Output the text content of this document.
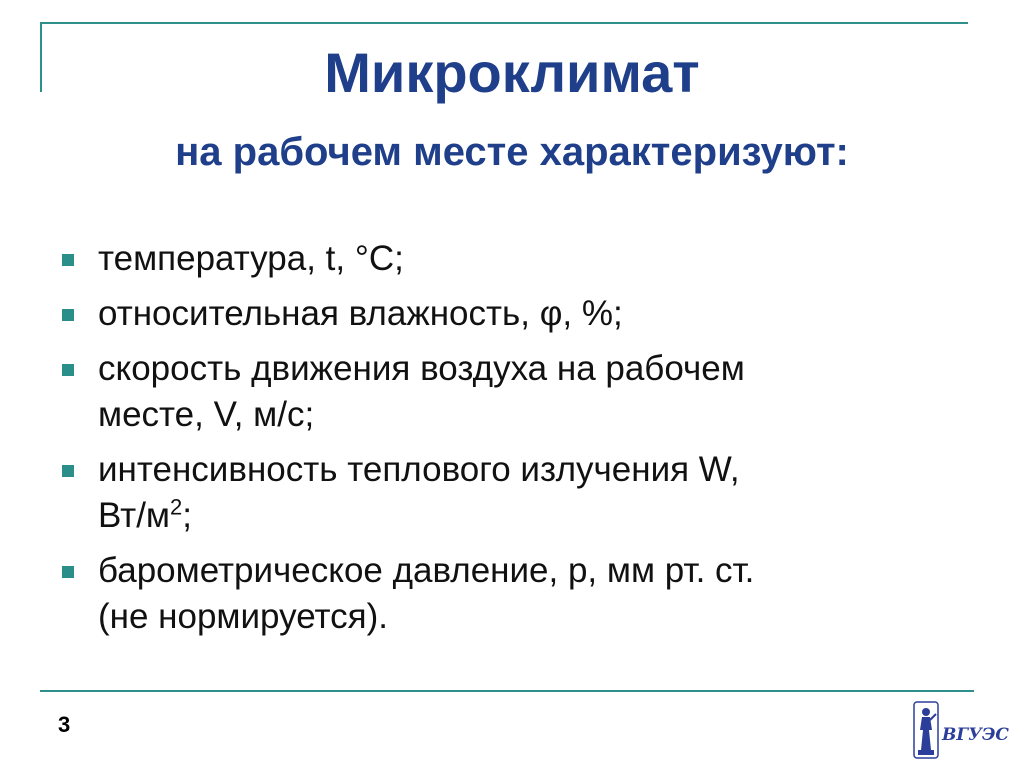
Микроклимат
на рабочем месте характеризуют:
температура, t, °C;
относительная влажность, φ, %;
скорость движения воздуха на рабочем
месте, V, м/с;
интенсивность теплового излучения W,
$Вт/м^2$;
барометрическое давление, р, мм рт. ст.
(не нормируется).
3	ВГУЭС
